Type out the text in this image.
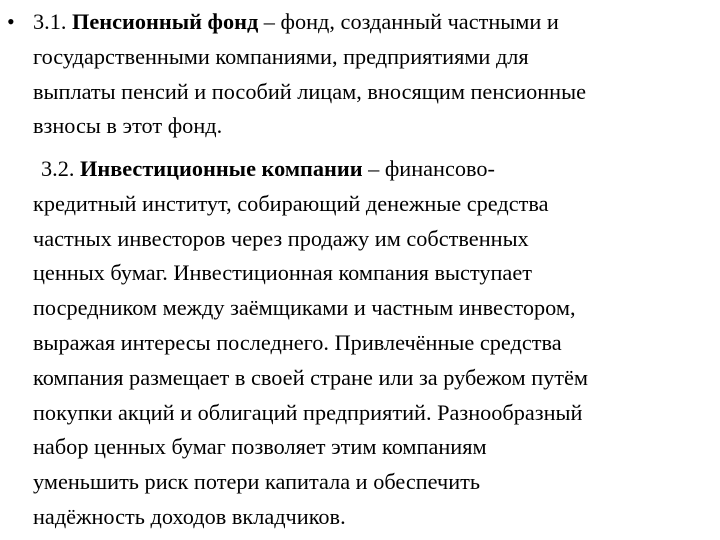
• 3.1. Пенсионный фонд – фонд, созданный частными и
государственными компаниями, предприятиями для
выплаты пенсий и пособий лицам, вносящим пенсионные
взносы в этот фонд.
3.2. Инвестиционные компании – финансово-
кредитный институт, собирающий денежные средства
частных инвесторов через продажу им собственных
ценных бумаг. Инвестиционная компания выступает
посредником между заёмщиками и частным инвестором,
выражая интересы последнего. Привлечённые средства
компания размещает в своей стране или за рубежом путём
покупки акций и облигаций предприятий. Разнообразный
набор ценных бумаг позволяет этим компаниям
уменьшить риск потери капитала и обеспечить
надёжность доходов вкладчиков.
